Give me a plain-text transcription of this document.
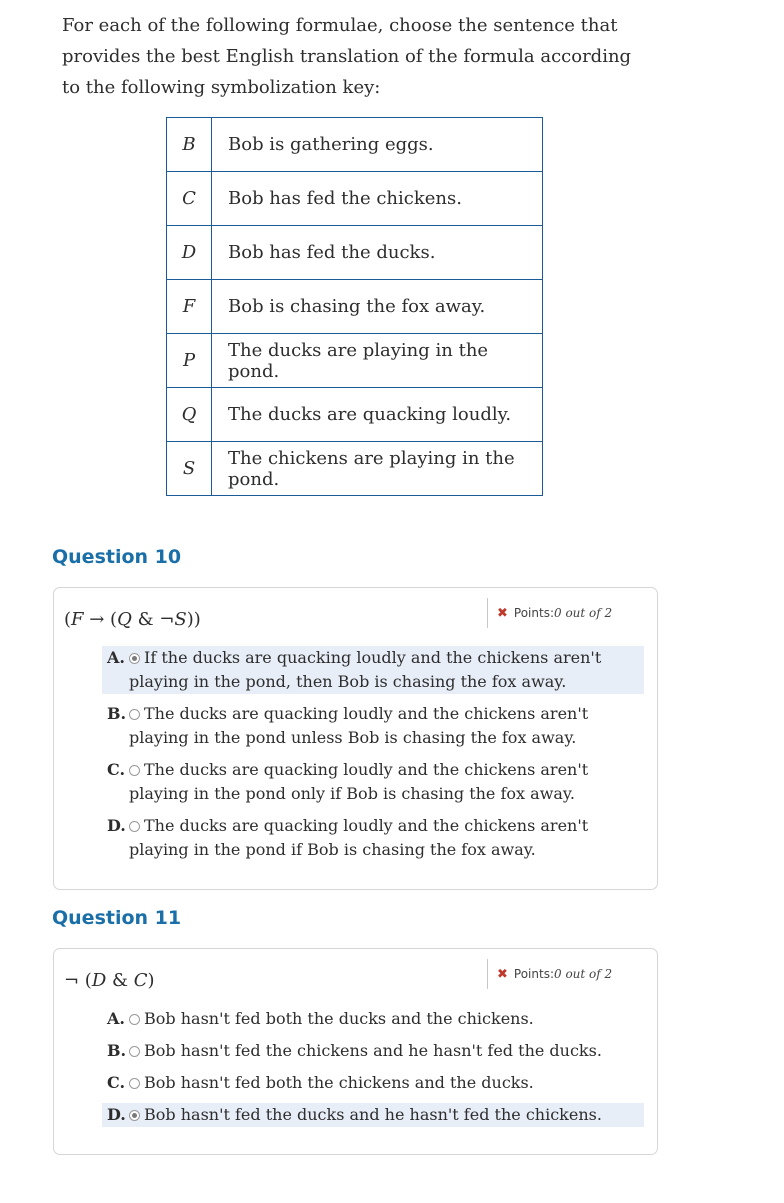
For each of the following formulae, choose the sentence that provides the best English translation of the formula according to the following symbolization key:
B	Bob is gathering eggs.
C	Bob has fed the chickens.
D	Bob has fed the ducks.
F	Bob is chasing the fox away.
P	The ducks are playing in the pond.
Q	The ducks are quacking loudly.
S	The chickens are playing in the pond.
Question 10
(F → (Q & ¬S))	✖ Points: 0 out of 2
A. If the ducks are quacking loudly and the chickens aren't playing in the pond, then Bob is chasing the fox away.
B. The ducks are quacking loudly and the chickens aren't playing in the pond unless Bob is chasing the fox away.
C. The ducks are quacking loudly and the chickens aren't playing in the pond only if Bob is chasing the fox away.
D. The ducks are quacking loudly and the chickens aren't playing in the pond if Bob is chasing the fox away.
Question 11
¬ (D & C)	✖ Points: 0 out of 2
A. Bob hasn't fed both the ducks and the chickens.
B. Bob hasn't fed the chickens and he hasn't fed the ducks.
C. Bob hasn't fed both the chickens and the ducks.
D. Bob hasn't fed the ducks and he hasn't fed the chickens.
